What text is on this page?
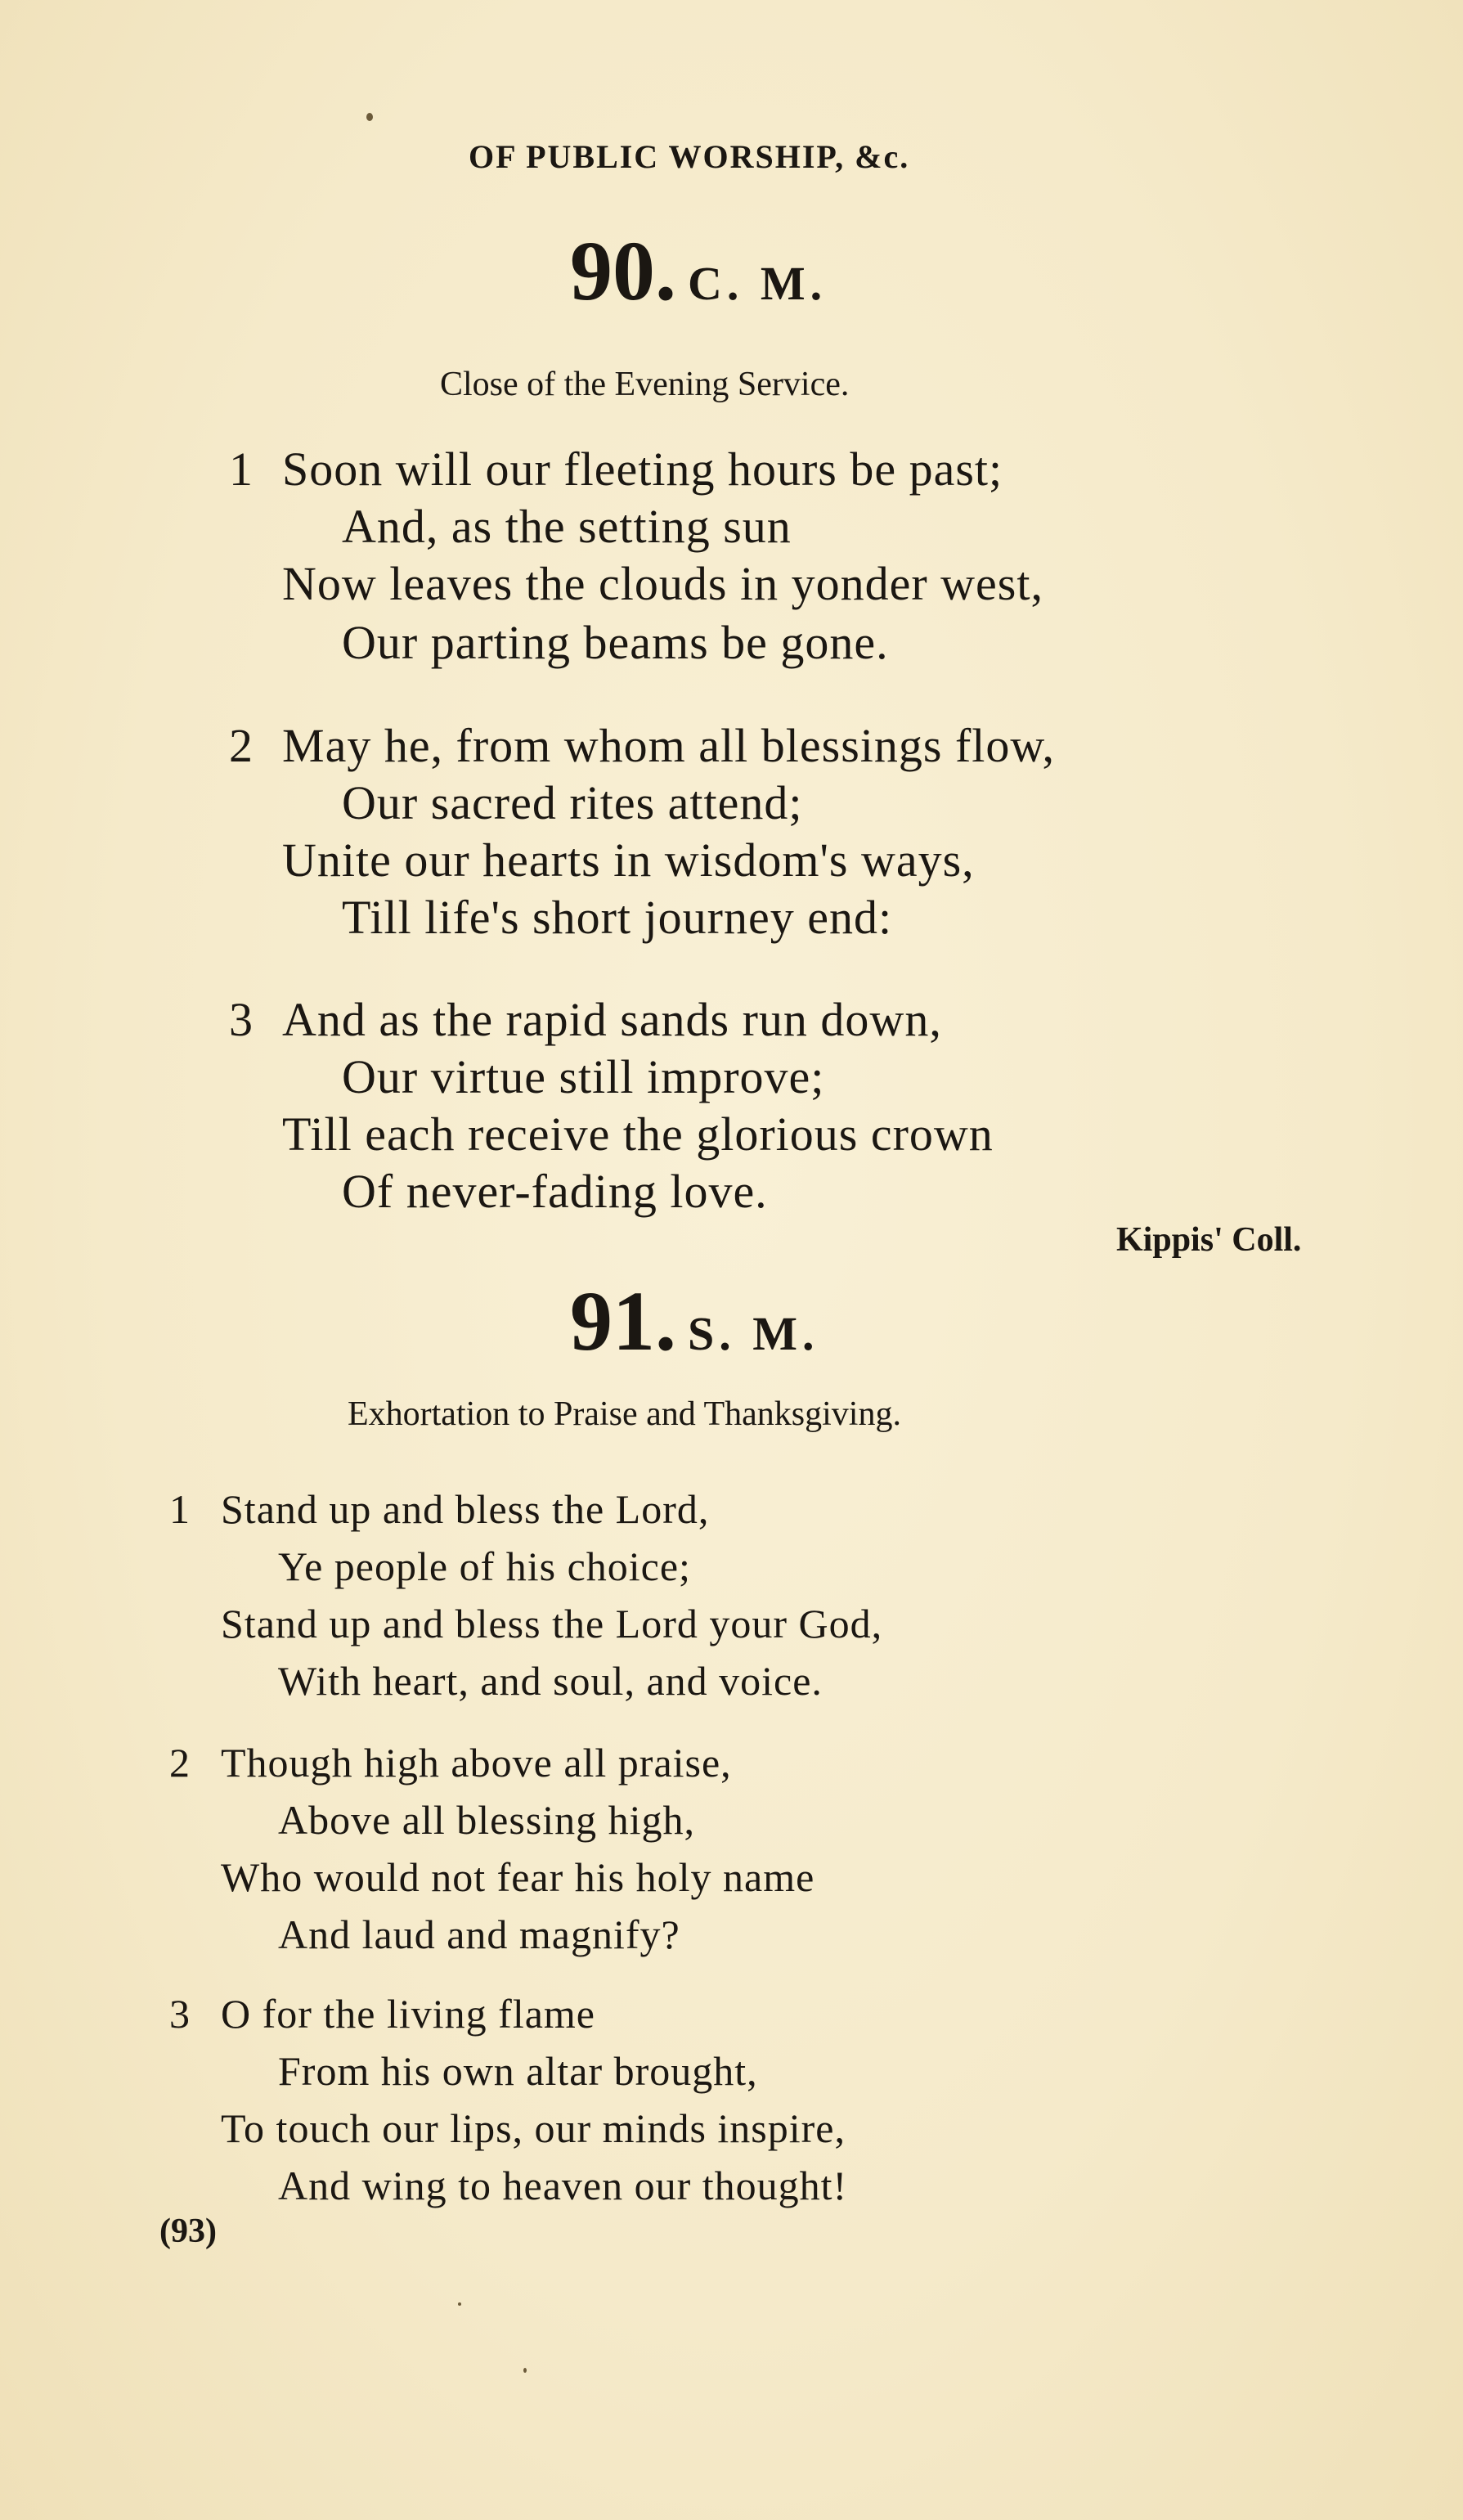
OF PUBLIC WORSHIP, &c.
90. C. M.
Close of the Evening Service.
1 Soon will our fleeting hours be past;
And, as the setting sun
Now leaves the clouds in yonder west,
Our parting beams be gone.
2 May he, from whom all blessings flow,
Our sacred rites attend;
Unite our hearts in wisdom's ways,
Till life's short journey end:
3 And as the rapid sands run down,
Our virtue still improve;
Till each receive the glorious crown
Of never-fading love.
Kippis' Coll.
91. S. M.
Exhortation to Praise and Thanksgiving.
1 Stand up and bless the Lord,
Ye people of his choice;
Stand up and bless the Lord your God,
With heart, and soul, and voice.
2 Though high above all praise,
Above all blessing high,
Who would not fear his holy name
And laud and magnify?
3 O for the living flame
From his own altar brought,
To touch our lips, our minds inspire,
And wing to heaven our thought!
(93)
